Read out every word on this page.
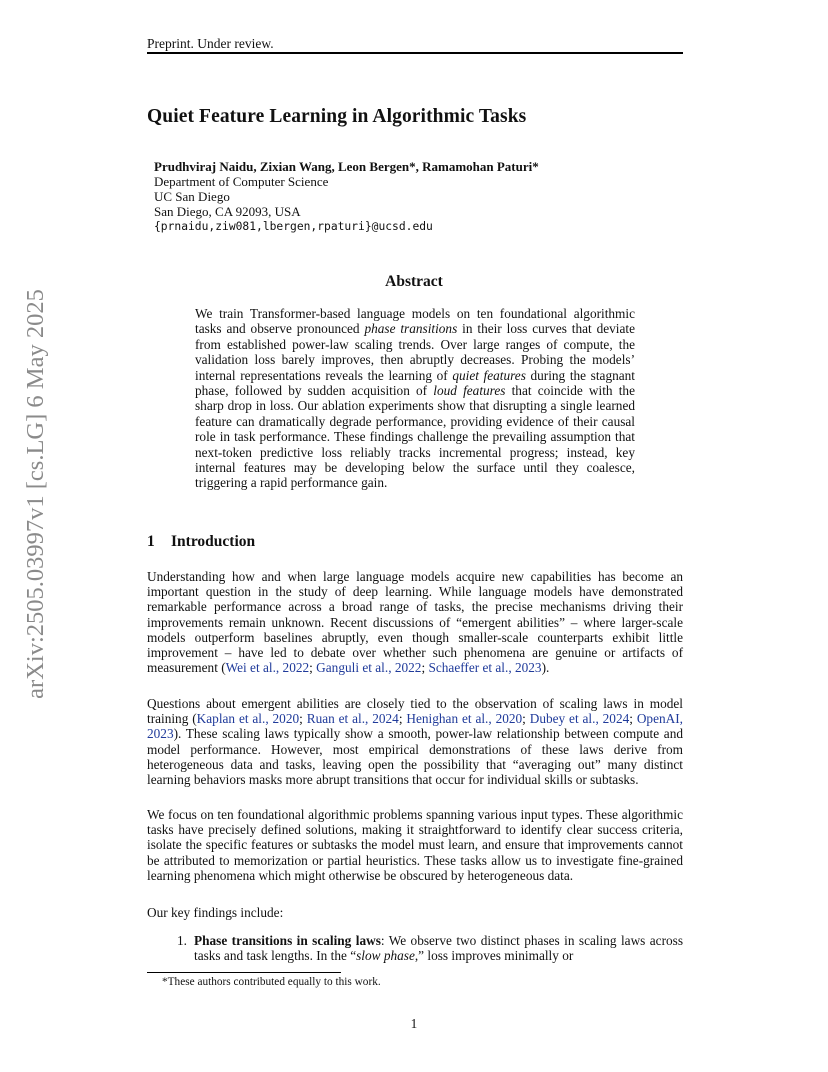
Preprint. Under review.
arXiv:2505.03997v1 [cs.LG] 6 May 2025
Quiet Feature Learning in Algorithmic Tasks
Prudhviraj Naidu, Zixian Wang, Leon Bergen*, Ramamohan Paturi*
Department of Computer Science
UC San Diego
San Diego, CA 92093, USA
{prnaidu,ziw081,lbergen,rpaturi}@ucsd.edu
Abstract
We train Transformer-based language models on ten foundational algorithmic tasks and observe pronounced phase transitions in their loss curves that deviate from established power-law scaling trends. Over large ranges of compute, the validation loss barely improves, then abruptly decreases. Probing the models’ internal representations reveals the learning of quiet features during the stagnant phase, followed by sudden acquisition of loud features that coincide with the sharp drop in loss. Our ablation experiments show that disrupting a single learned feature can dramatically degrade performance, providing evidence of their causal role in task performance. These findings challenge the prevailing assumption that next-token predictive loss reliably tracks incremental progress; instead, key internal features may be developing below the surface until they coalesce, triggering a rapid performance gain.
1 Introduction
Understanding how and when large language models acquire new capabilities has become an important question in the study of deep learning. While language models have demonstrated remarkable performance across a broad range of tasks, the precise mechanisms driving their improvements remain unknown. Recent discussions of “emergent abilities” – where larger-scale models outperform baselines abruptly, even though smaller-scale counterparts exhibit little improvement – have led to debate over whether such phenomena are genuine or artifacts of measurement (Wei et al., 2022; Ganguli et al., 2022; Schaeffer et al., 2023).
Questions about emergent abilities are closely tied to the observation of scaling laws in model training (Kaplan et al., 2020; Ruan et al., 2024; Henighan et al., 2020; Dubey et al., 2024; OpenAI, 2023). These scaling laws typically show a smooth, power-law relationship between compute and model performance. However, most empirical demonstrations of these laws derive from heterogeneous data and tasks, leaving open the possibility that “averaging out” many distinct learning behaviors masks more abrupt transitions that occur for individual skills or subtasks.
We focus on ten foundational algorithmic problems spanning various input types. These algorithmic tasks have precisely defined solutions, making it straightforward to identify clear success criteria, isolate the specific features or subtasks the model must learn, and ensure that improvements cannot be attributed to memorization or partial heuristics. These tasks allow us to investigate fine-grained learning phenomena which might otherwise be obscured by heterogeneous data.
Our key findings include:
1. Phase transitions in scaling laws: We observe two distinct phases in scaling laws across tasks and task lengths. In the “slow phase,” loss improves minimally or
*These authors contributed equally to this work.
1
